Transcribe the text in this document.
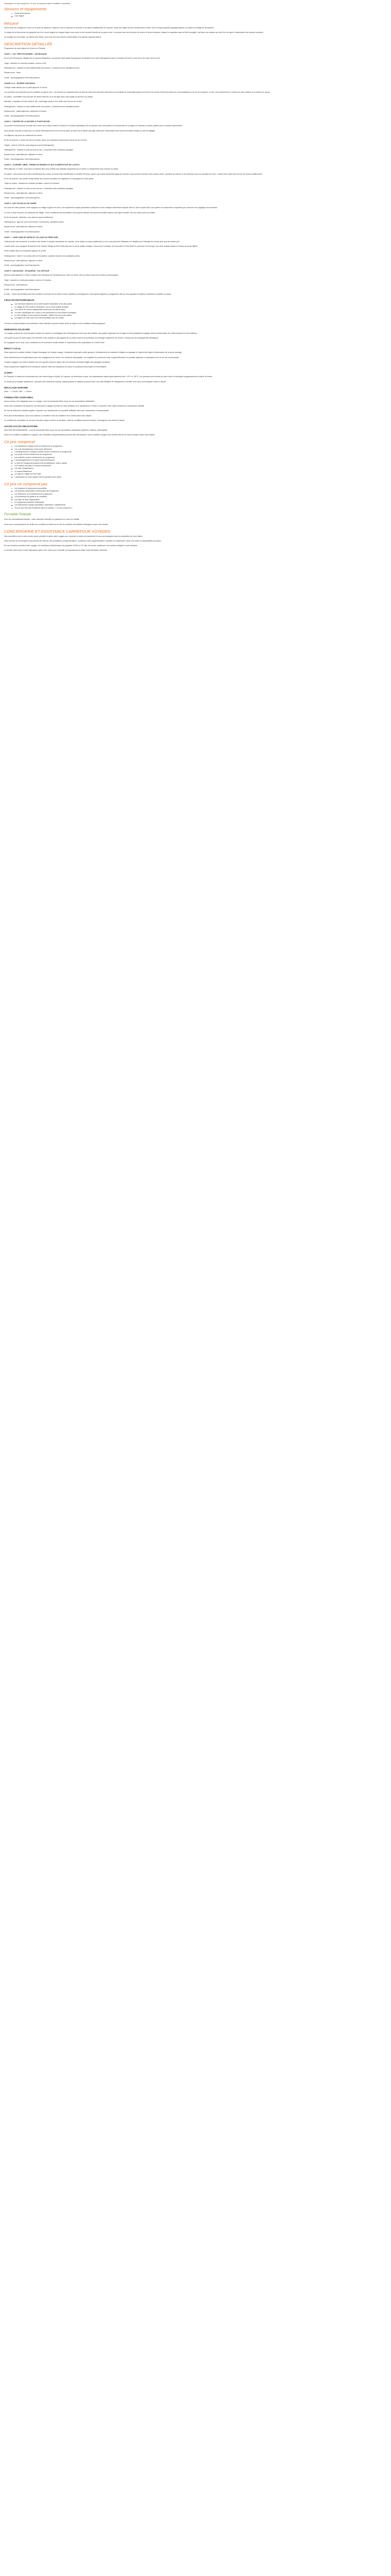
Description Ce prix comprend / Ce prix ne comprend pas Formalités Consulaires
Services et équipements
Guide francophone
Cure légère
Résumé

Venez avec les voyageurs à vivre un tel petit de rafraîchir, explorez nous à respecter la marche et la culture traditionnelle du Laponie, dans une région encore excellemment rurale, tout au long de grands paysages glacés, au départ du village de Rovaniemi.

Le plaisir de la découverte est garantie lors d'un circuit original où chaque étape vous ouvre à une nouvelle facette de ce grand nord : rencontre avec les éleveurs de rennes et leurs traîneaux, balade en raquettes dans la forêt enneigée, nuit dans une cabane au bord d'un lac gelé et observation des aurores boréales.

Un voyage hors du temps, au rythme des Samis, pour tous ceux qui rêvent d'authenticité et de grands espaces blancs.

DESCRIPTION DÉTAILLÉE

Programme de votre séjour de 8 jours en Finlande

JOUR 1 : VOL VERS ROVANIEMI – ARVIDSJAUR

Envol vers Rovaniemi, capitale de la Laponie finlandaise. Accueil par votre guide francophone et transfert vers votre hébergement situé en bordure de forêt, à une heure de route vers le nord.

Trajet : transfert en véhicule privatisé, environ 1h00

Hébergement : cabane en bois traditionnelle tout confort, 2 chambres avec sanitaires privés

Repas inclus : dîner

Guide : accompagnateur local francophone

JOURS 2 à 3 : RIVIÈRE KARJAKKO

Chaque matin débute par un petit-déjeuner à l'heure.

Les journées sont rythmées par les activités du grand nord : une journée en raquettes dans la forêt au cœur des étendues blanches et une balade en motoneige jusqu'à une ferme de rennes d'éleveurs samis où vous participerez à la vie du troupeau. Le soir, vous retrouverez le confort de votre cabane et la chaleur du sauna.

En option : possibilité d'une journée de pêche blanche sur le lac gelé avec votre guide (à réserver sur place).

Activités : raquettes en forêt (environ 3h), motoneige (environ 2h), visite d'une ferme de rennes

Hébergement : cabane en bois traditionnelle tout confort, 2 chambres avec sanitaires privés

Repas inclus : petits-déjeuners, déjeuners et dîners

Guide : accompagnateur local francophone

JOUR 4 : CENTRE DE LA NATURE À PYHÄTUNTURI

La journée commence par la visite d'un centre de la nature dédié à la faune et à la flore spécifiques de la Laponie, puis vous partez à la découverte de la région en traîneau à chiens, guidés par un musher expérimenté.

Vous prenez ensuite la route pour un nouvel hébergement au bord d'un lac gelé, au cœur de la nature sauvage, idéal pour l'observation des aurores boréales lorsque le ciel est dégagé.

Un déjeuner est prévu au restaurant du centre.

En fin de journée, le dîner est servi au chalet, dans une ambiance chaleureuse autour du feu de bois.

Trajets : environ 1h30 de route jusqu'au nouvel hébergement

Hébergement : cabane en bois au bord du lac, 2 chambres avec sanitaires partagés

Repas inclus : petit-déjeuner, déjeuner et dîner

Guide : accompagnateur local francophone

JOUR 5 : JOURNÉE LIBRE - FERME DE RENNES ET NUIT D'AMÉTHYSTE DE LUOSTO

Petit-déjeuner à l'hôtel. Vous avez la matinée libre pour profiter des activités proposées par le centre ou simplement vous reposer au calme.

En option : découverte de la mine d'améthyste de Luosto, la seule mine d'améthyste en activité d'Europe. Après une courte randonnée jusqu'au sommet, vous pourrez chercher votre propre pierre, symbole de chance et de protection pour les peuples du Nord. L'après-midi, visite d'une ferme de rennes traditionnelle.

En fin de journée, une soirée d'observation des aurores boréales est organisée en compagnie de votre guide.

Trajet en option : transfert en véhicule privatisé, environ 30 minutes

Hébergement : cabane en bois au bord du lac, 2 chambres avec sanitaires partagés

Repas inclus : petit-déjeuner, déjeuner et dîner

Guide : accompagnateur local francophone

JOUR 6 : NUIT EN IGLOO DE VERRE

Au cours de cette journée, vous rejoignez un village d'igloos de verre, une expérience unique permettant d'observer le ciel nordique directement depuis votre lit. Dans l'après-midi, vous partez en randonnée à raquettes pour découvrir les paysages environnants.

Le soir, le dîner est servi au restaurant du village. Si les conditions sont favorables, vous pourrez admirer les aurores boréales depuis votre igloo chauffé, bien au chaud sous les étoiles.

En fin de journée, détendez-vous dans le sauna traditionnel.

Hébergement : igloo de verre tout confort, 2 personnes, sanitaires privés

Repas inclus : petit-déjeuner, déjeuner et dîner

Guide : accompagnateur local francophone

JOUR 7 : CAMP SAMI DE SÂPMI ET VILLAGE DU PÈRE NOËL

Cette journée est consacrée à la culture des Samis, le peuple autochtone de Laponie. Vous visitez un camp traditionnel où l'on vous présente l'artisanat, les traditions de l'élevage de rennes ainsi que les chants joïk.

L'après-midi, vous rejoignez Rovaniemi et le célèbre Village du Père Noël situé sur le cercle polaire arctique. Vous aurez l'occasion de rencontrer le Père Noël en personne et d'envoyer une carte postale depuis le bureau de poste officiel.

Dîner d'adieu dans un restaurant typique de la ville.

Hébergement : hôtel 3* en centre-ville de Rovaniemi, chambre double avec sanitaires privés

Repas inclus : petit-déjeuner, déjeuner et dîner

Guide : accompagnateur local francophone

JOUR 8 : SAVUKOSKI - ROVANIEMI - VOL RETOUR

Après le petit-déjeuner à l'hôtel, transfert vers l'aéroport de Rovaniemi pour votre vol retour vers la France selon les horaires communiqués.

Trajet : transfert en véhicule privatisé, environ 20 minutes

Repas inclus : petit-déjeuner

Guide : accompagnateur local francophone

À noter : l'ordre des activités peut être modifié en fonction de la météo et des conditions d'enneigement. Votre guide adaptera le programme afin de vous garantir la meilleure expérience possible sur place.

LIEUX INCONTOURNABLES
Les étendues blanches de la forêt boréale finlandaise et les lacs gelés
Le village du Père Noël à Rovaniemi, sur le cercle polaire arctique
Une ferme de rennes traditionnelle tenue par une famille sami
La mine d'améthyste de Luosto et son panorama sur les collines enneigées
Le ciel nordique et ses aurores boréales, visibles lors des nuits claires
Les igloos de verre pour une nuit inoubliable sous les étoiles

Ces lieux incontournables sont présentés à titre indicatif et peuvent varier selon la saison et les conditions météorologiques.

DIMENSION SOLIDAIRE

Ce voyage soutient les communautés locales de Laponie en privilégiant des hébergements tenus par des familles, des guides originaires de la région et des prestataires engagés dans la préservation de l'environnement et des traditions.

Une partie du prix de votre séjour est reversée à des projets de sauvegarde de la culture sami et de protection de l'élevage traditionnel de rennes, menacé par les changements climatiques.

En voyageant avec nous, vous contribuez à une économie locale durable et respectueuse des populations du Grand Nord.

IMPACT LOCAL

Notre approche consiste à limiter l'impact écologique de chaque voyage : transports regroupés, petits groupes, hébergements de caractère intégrés au paysage et respect des règles d'observation de la faune sauvage.

Nous sélectionnons nos partenaires pour leur engagement en faveur d'un tourisme responsable : ils emploient du personnel local, s'approvisionnent en produits régionaux et participent à la vie de leur communauté.

Chaque voyageur est invité à adopter les bons gestes durant le séjour afin de préserver la beauté fragile des paysages arctiques.

Nous compensons également les émissions carbone liées aux transports sur place en soutenant des projets de reforestation.

CLIMAT

En Finlande, le climat est continental avec des hivers longs et froids. En Laponie, de décembre à mars, les températures varient généralement entre -10°C et -30°C. Les journées sont courtes en plein hiver et s'allongent progressivement à partir de février.

Le temps peut changer rapidement : prévoyez des vêtements chauds, superposables et adaptés au grand froid. Une liste détaillée de l'équipement conseillé vous sera communiquée avant le départ.

DÉCALAGE HORAIRE

Hiver : + 1 heure / Été : + 1 heure

FORMALITÉS SANITAIRES

Aucun vaccin n'est obligatoire pour ce voyage. Il est recommandé d'être à jour de vos vaccinations habituelles.

Nous vous conseillons de souscrire une assurance voyage couvrant les frais médicaux et le rapatriement. Pensez à emporter votre carte européenne d'assurance maladie.

En cas de traitement médical régulier, emportez vos médicaments en quantité suffisante ainsi que l'ordonnance correspondante.

Pour plus d'informations, nous vous invitons à consulter le site du ministère de la Santé avant votre départ.

Le certificat de vaccination ou de test n'est plus exigé à l'entrée du territoire, mais les conditions peuvent évoluer. Renseignez-vous avant le départ.

AUCUN VACCIN OBLIGATOIRE

VACCINS RECOMMANDÉS : il est recommandé d'être à jour de vos vaccinations habituelles (diphtérie, tétanos, poliomyélite).

Selon les conditions sanitaires en vigueur, des formalités complémentaires peuvent être demandées. Votre conseiller voyage vous tiendra informé de toute évolution avant votre départ.

Ce prix comprend
Les transferts et trajets comme mentionnés au programme
Les vols internationaux et les taxes aériennes
L'hébergement en chambre double comme mentionné au programme
Les repas comme mentionnés au programme
Les activités comme mentionnées au programme
L'accompagnement d'un guide local francophone
Le prêt de l'équipement grand froid (combinaison, bottes, gants)
Les entrées des sites et musées mentionnés
Les frais d'organisation
Le sauna traditionnel
La visite du village du Père Noël
L'assistance de notre équipe 24h/24 pendant votre séjour
Ce prix ne comprend pas
Les boissons et dépenses personnelles
Les activités optionnelles mentionnées au programme
Les déjeuners non mentionnés au programme
Les pourboires au guide et au chauffeur
Les frais de visa si applicables
Le supplément chambre individuelle
Les assurances voyage (annulation, assistance, rapatriement)
Tout ce qui n'est pas mentionné dans la rubrique « Ce prix comprend »
Formalité Finlande

Pour les ressortissants français : carte nationale d'identité ou passeport en cours de validité.

Nous vous recommandons de vérifier les conditions d'entrée sur le site du ministère des Affaires étrangères avant votre départ.

CONCIERGERIE ET ASSISTANCE CARREFOUR VOYAGES

Nos conseillers sont à votre écoute avant, pendant et après votre voyage pour répondre à toutes vos questions et vous accompagner dans la préparation de votre séjour.

Notre service de conciergerie vous permet de réserver des prestations complémentaires : transferts, nuits supplémentaires, activités ou restaurants, selon vos envies et disponibilités sur place.

En cas d'imprévu pendant votre voyage, une assistance téléphonique est joignable 24h/24 et 7j/7 afin de trouver rapidement une solution adaptée à votre situation.

Le service client reste à votre disposition après votre retour pour recueillir vos impressions et traiter toute demande éventuelle.
